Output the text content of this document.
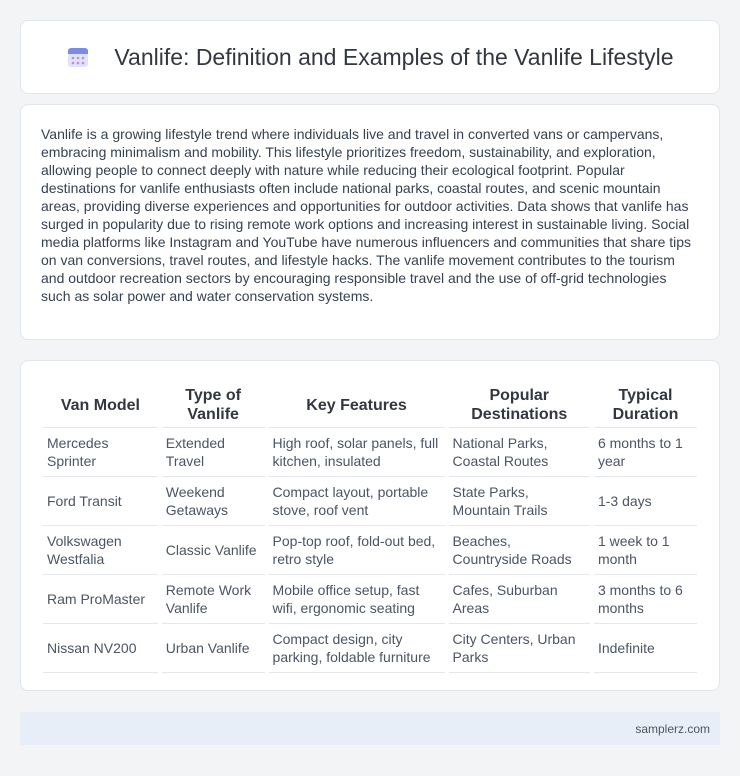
Vanlife: Definition and Examples of the Vanlife Lifestyle

Vanlife is a growing lifestyle trend where individuals live and travel in converted vans or campervans, embracing minimalism and mobility. This lifestyle prioritizes freedom, sustainability, and exploration, allowing people to connect deeply with nature while reducing their ecological footprint. Popular destinations for vanlife enthusiasts often include national parks, coastal routes, and scenic mountain areas, providing diverse experiences and opportunities for outdoor activities. Data shows that vanlife has surged in popularity due to rising remote work options and increasing interest in sustainable living. Social media platforms like Instagram and YouTube have numerous influencers and communities that share tips on van conversions, travel routes, and lifestyle hacks. The vanlife movement contributes to the tourism and outdoor recreation sectors by encouraging responsible travel and the use of off-grid technologies such as solar power and water conservation systems.

Van Model	Type of Vanlife	Key Features	Popular Destinations	Typical Duration
Mercedes Sprinter	Extended Travel	High roof, solar panels, full kitchen, insulated	National Parks, Coastal Routes	6 months to 1 year
Ford Transit	Weekend Getaways	Compact layout, portable stove, roof vent	State Parks, Mountain Trails	1-3 days
Volkswagen Westfalia	Classic Vanlife	Pop-top roof, fold-out bed, retro style	Beaches, Countryside Roads	1 week to 1 month
Ram ProMaster	Remote Work Vanlife	Mobile office setup, fast wifi, ergonomic seating	Cafes, Suburban Areas	3 months to 6 months
Nissan NV200	Urban Vanlife	Compact design, city parking, foldable furniture	City Centers, Urban Parks	Indefinite
samplerz.com
